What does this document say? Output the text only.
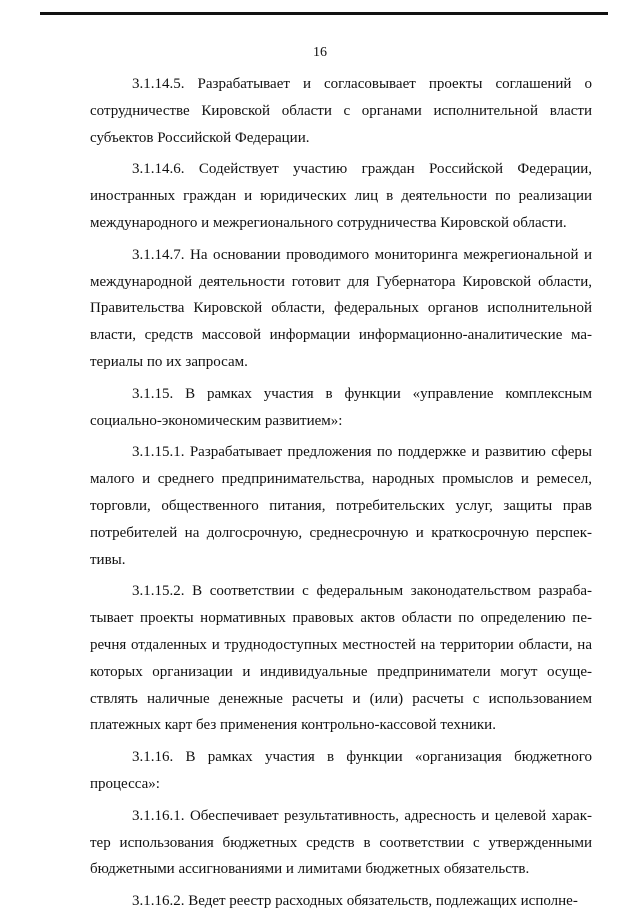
16

3.1.14.5. Разрабатывает и согласовывает проекты соглашений о сотрудничестве Кировской области с органами исполнительной власти субъектов Российской Федерации.

3.1.14.6. Содействует участию граждан Российской Федерации, иностранных граждан и юридических лиц в деятельности по реализации международного и межрегионального сотрудничества Кировской области.

3.1.14.7. На основании проводимого мониторинга межрегиональной и международной деятельности готовит для Губернатора Кировской области, Правительства Кировской области, федеральных органов исполнительной власти, средств массовой информации информационно-аналитические материалы по их запросам.

3.1.15. В рамках участия в функции «управление комплексным социально-экономическим развитием»:

3.1.15.1. Разрабатывает предложения по поддержке и развитию сферы малого и среднего предпринимательства, народных промыслов и ремесел, торговли, общественного питания, потребительских услуг, защиты прав потребителей на долгосрочную, среднесрочную и краткосрочную перспективы.

3.1.15.2. В соответствии с федеральным законодательством разрабатывает проекты нормативных правовых актов области по определению перечня отдаленных и труднодоступных местностей на территории области, на которых организации и индивидуальные предприниматели могут осуществлять наличные денежные расчеты и (или) расчеты с использованием платежных карт без применения контрольно-кассовой техники.

3.1.16. В рамках участия в функции «организация бюджетного процесса»:

3.1.16.1. Обеспечивает результативность, адресность и целевой характер использования бюджетных средств в соответствии с утвержденными бюджетными ассигнованиями и лимитами бюджетных обязательств.

3.1.16.2. Ведет реестр расходных обязательств, подлежащих исполне-
